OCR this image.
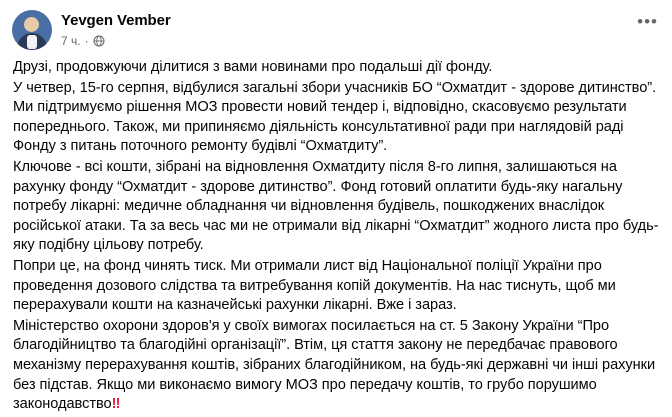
Yevgen Vember
7 ч. ·
•••

Друзі, продовжуючи ділитися з вами новинами про подальші дії фонду.

У четвер, 15-го серпня, відбулися загальні збори учасників БО “Охматдит - здорове дитинство”. Ми підтримуємо рішення МОЗ провести новий тендер і, відповідно, скасовуємо результати попереднього. Також, ми припиняємо діяльність консультативної ради при наглядовій раді Фонду з питань поточного ремонту будівлі “Охматдиту”.

Ключове - всі кошти, зібрані на відновлення Охматдиту після 8-го липня, залишаються на рахунку фонду “Охматдит - здорове дитинство”. Фонд готовий оплатити будь-яку нагальну потребу лікарні: медичне обладнання чи відновлення будівель, пошкоджених внаслідок російської атаки. Та за весь час ми не отримали від лікарні “Охматдит” жодного листа про будь-яку подібну цільову потребу.

Попри це, на фонд чинять тиск. Ми отримали лист від Національної поліції України про проведення дозового слідства та витребування копій документів. На нас тиснуть, щоб ми перерахували кошти на казначейські рахунки лікарні. Вже і зараз.

Міністерство охорони здоров'я у своїх вимогах посилається на ст. 5 Закону України “Про благодійництво та благодійні організації”. Втім, ця стаття закону не передбачає правового механізму перерахування коштів, зібраних благодійником, на будь-які державні чи інші рахунки без підстав. Якщо ми виконаємо вимогу МОЗ про передачу коштів, то грубо порушимо законодавство‼
